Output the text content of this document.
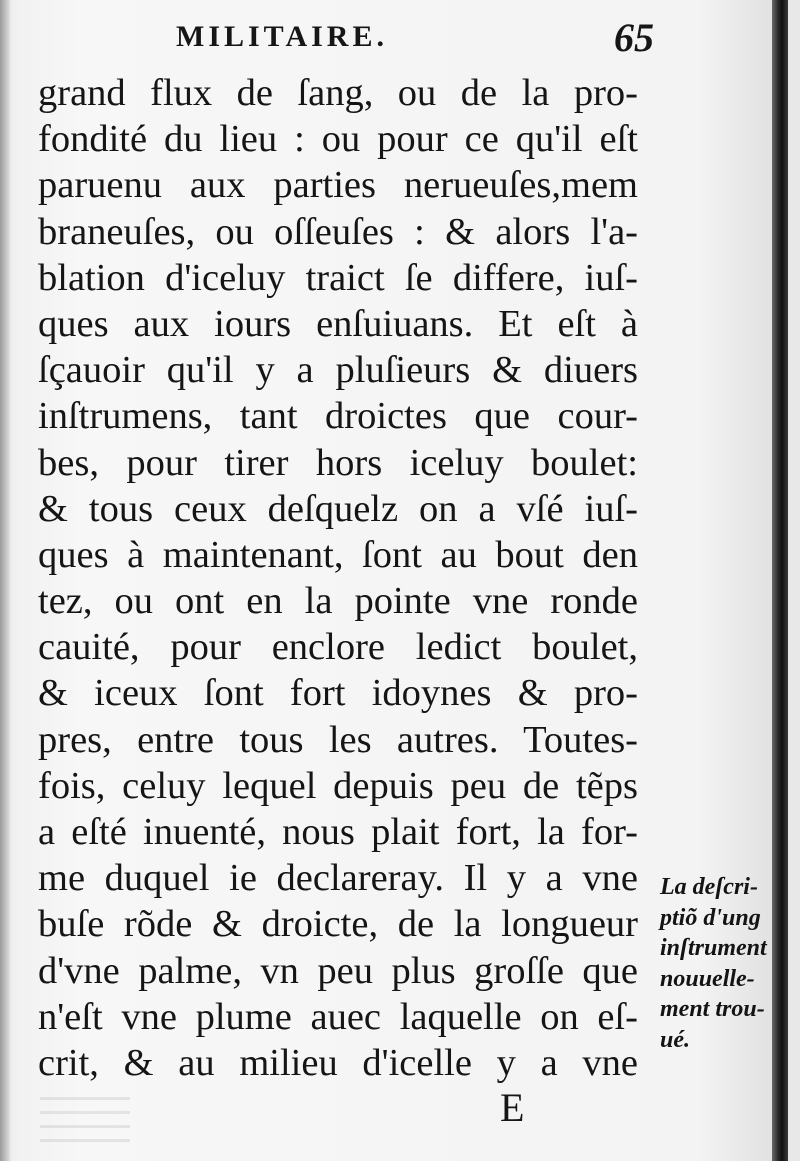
MILITAIRE.	65
grand flux de ſang, ou de la pro-
fondité du lieu : ou pour ce qu'il eſt
paruenu aux parties nerueuſes,mem
braneuſes, ou oſſeuſes : & alors l'a-
blation d'iceluy traict ſe differe, iuſ-
ques aux iours enſuiuans. Et eſt à
ſçauoir qu'il y a pluſieurs & diuers
inſtrumens, tant droictes que cour-
bes, pour tirer hors iceluy boulet:
& tous ceux deſquelz on a vſé iuſ-
ques à maintenant, ſont au bout den
tez, ou ont en la pointe vne ronde
cauité, pour enclore ledict boulet,
& iceux ſont fort idoynes & pro-
pres, entre tous les autres. Toutes-
fois, celuy lequel depuis peu de tẽps
a eſté inuenté, nous plait fort, la for-
me duquel ie declareray. Il y a vne
buſe rõde & droicte, de la longueur
d'vne palme, vn peu plus groſſe que
n'eſt vne plume auec laquelle on eſ-
crit, & au milieu d'icelle y a vne
La deſcri-
ptiõ d'ung
inſtrument
nouuelle-
ment trou-
ué.
E
